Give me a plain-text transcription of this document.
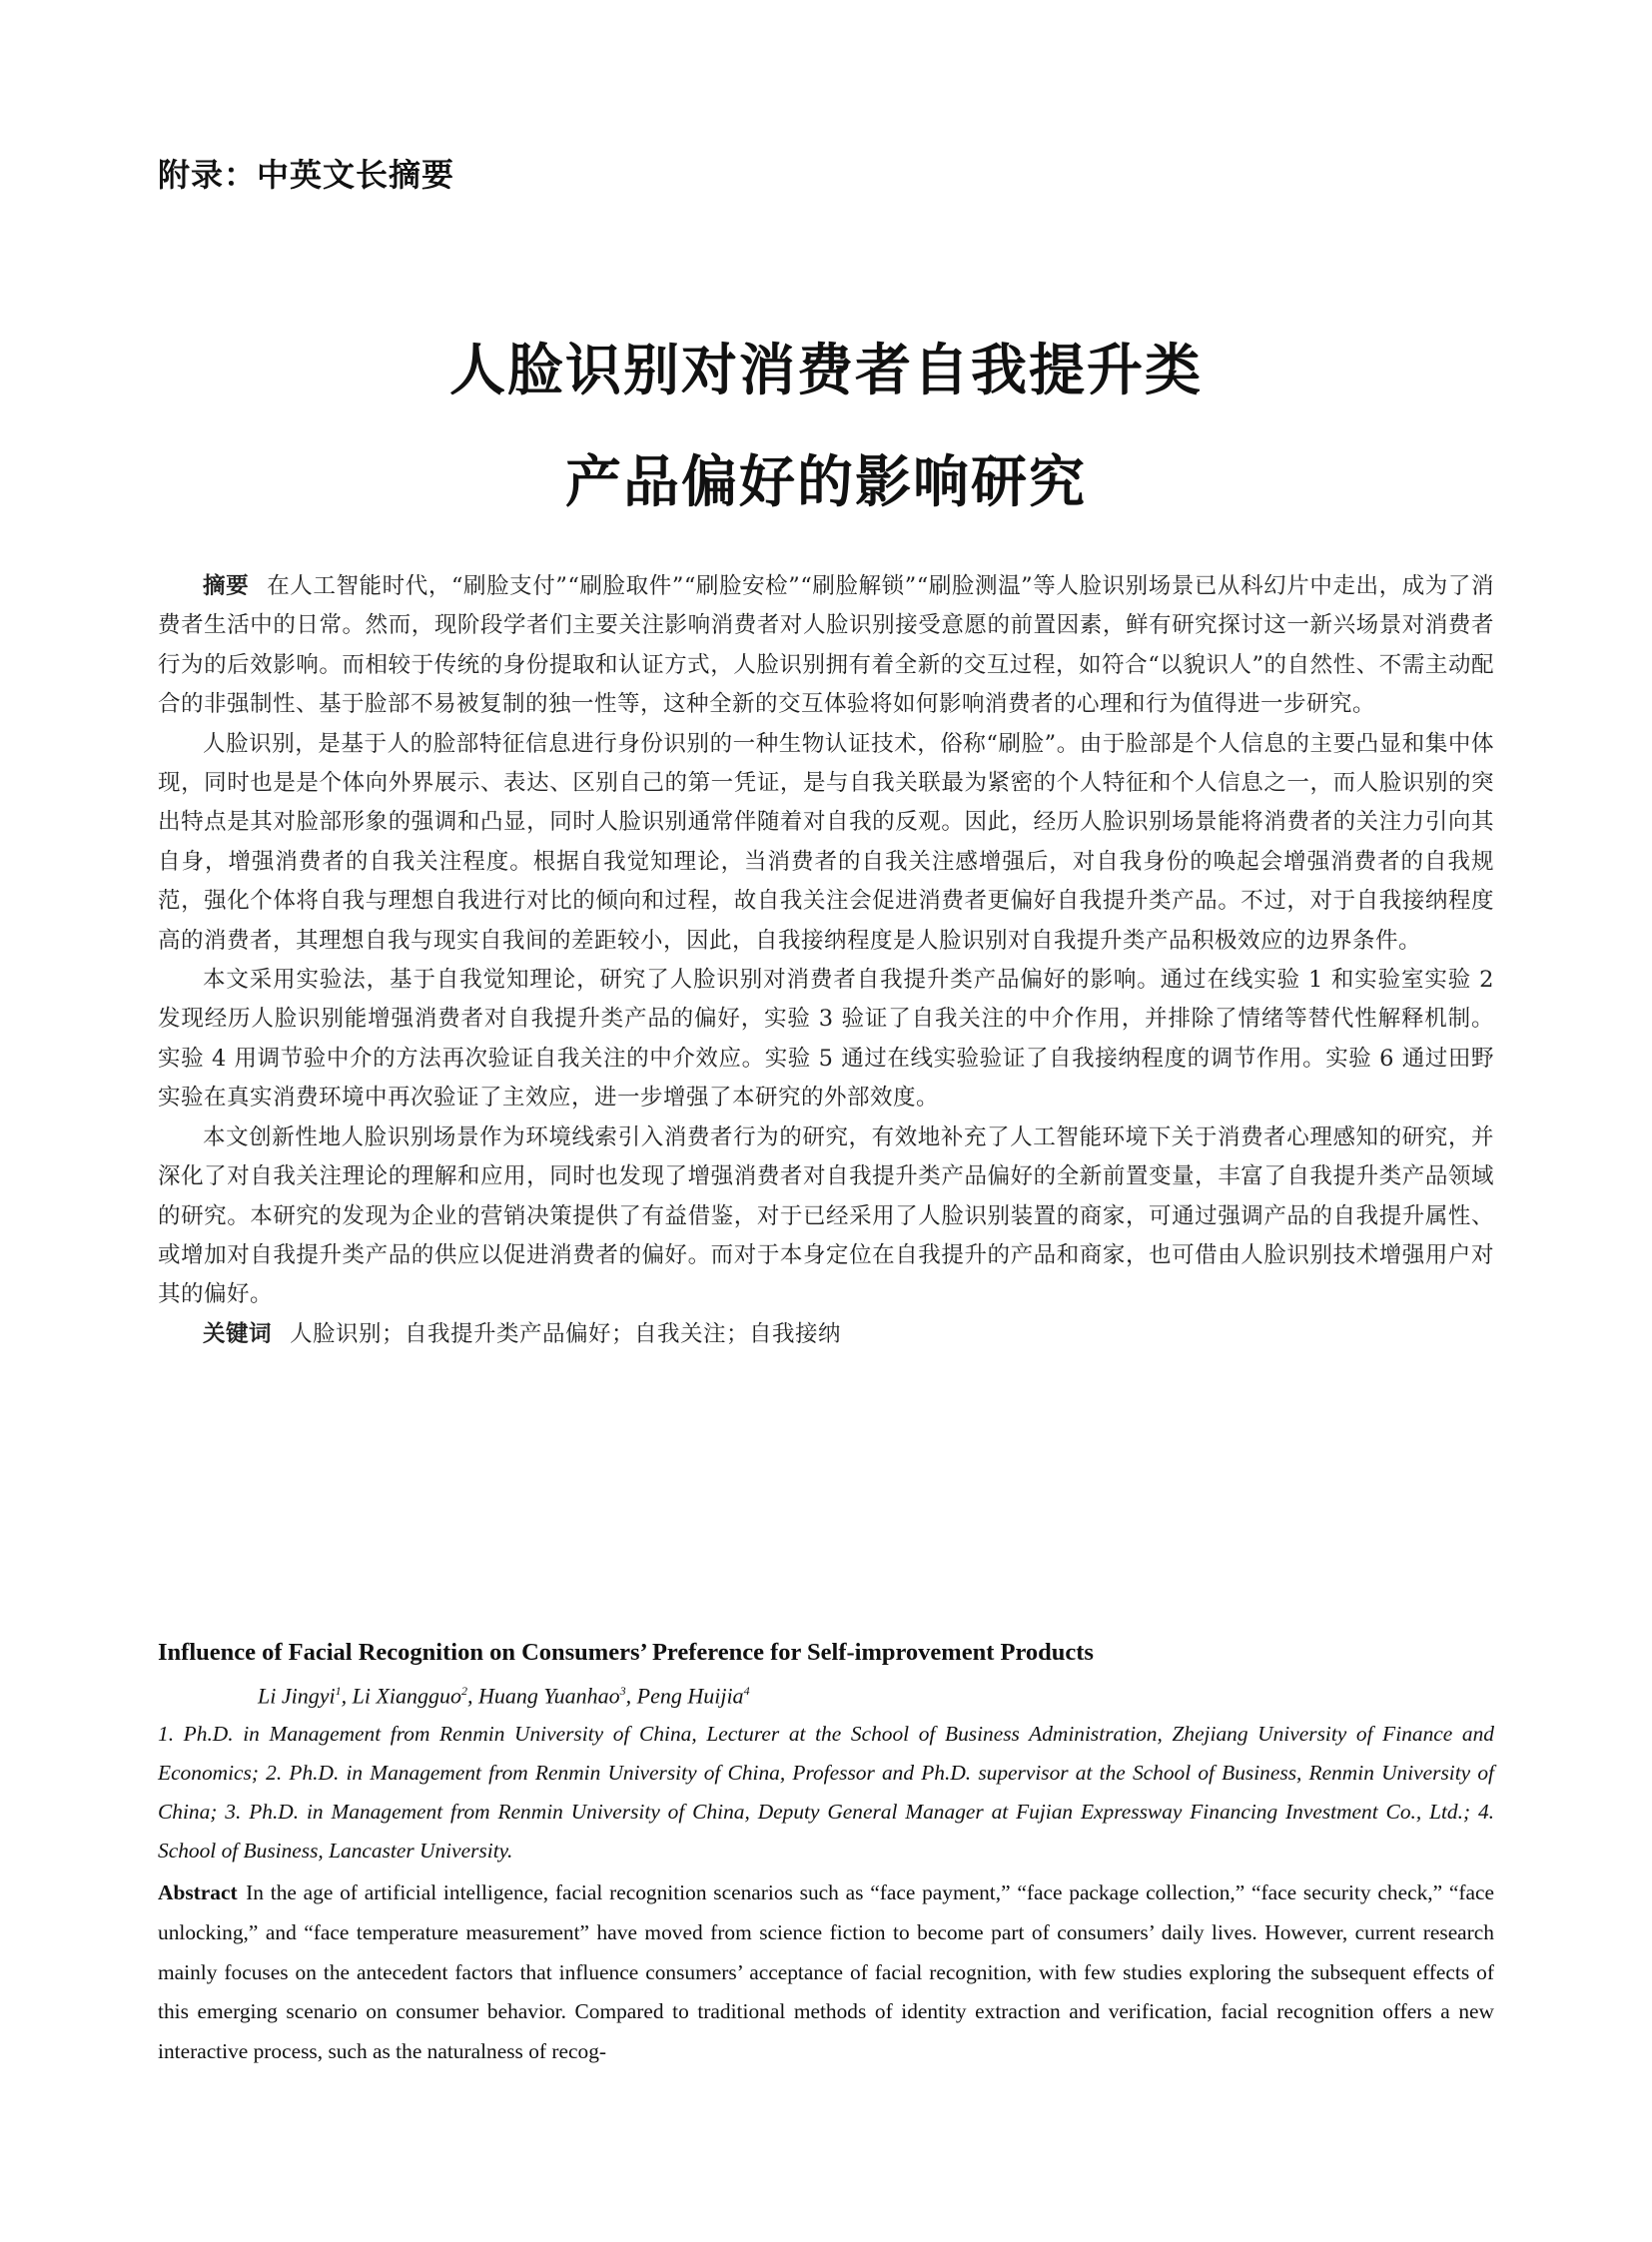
附录：中英文长摘要
人脸识别对消费者自我提升类
产品偏好的影响研究

摘要 在人工智能时代，“刷脸支付”“刷脸取件”“刷脸安检”“刷脸解锁”“刷脸测温”等人脸识别场景已从科幻片中走出，成为了消费者生活中的日常。然而，现阶段学者们主要关注影响消费者对人脸识别接受意愿的前置因素，鲜有研究探讨这一新兴场景对消费者行为的后效影响。而相较于传统的身份提取和认证方式，人脸识别拥有着全新的交互过程，如符合“以貌识人”的自然性、不需主动配合的非强制性、基于脸部不易被复制的独一性等，这种全新的交互体验将如何影响消费者的心理和行为值得进一步研究。

人脸识别，是基于人的脸部特征信息进行身份识别的一种生物认证技术，俗称“刷脸”。由于脸部是个人信息的主要凸显和集中体现，同时也是是个体向外界展示、表达、区别自己的第一凭证，是与自我关联最为紧密的个人特征和个人信息之一，而人脸识别的突出特点是其对脸部形象的强调和凸显，同时人脸识别通常伴随着对自我的反观。因此，经历人脸识别场景能将消费者的关注力引向其自身，增强消费者的自我关注程度。根据自我觉知理论，当消费者的自我关注感增强后，对自我身份的唤起会增强消费者的自我规范，强化个体将自我与理想自我进行对比的倾向和过程，故自我关注会促进消费者更偏好自我提升类产品。不过，对于自我接纳程度高的消费者，其理想自我与现实自我间的差距较小，因此，自我接纳程度是人脸识别对自我提升类产品积极效应的边界条件。

本文采用实验法，基于自我觉知理论，研究了人脸识别对消费者自我提升类产品偏好的影响。通过在线实验 1 和实验室实验 2 发现经历人脸识别能增强消费者对自我提升类产品的偏好，实验 3 验证了自我关注的中介作用，并排除了情绪等替代性解释机制。实验 4 用调节验中介的方法再次验证自我关注的中介效应。实验 5 通过在线实验验证了自我接纳程度的调节作用。实验 6 通过田野实验在真实消费环境中再次验证了主效应，进一步增强了本研究的外部效度。

本文创新性地人脸识别场景作为环境线索引入消费者行为的研究，有效地补充了人工智能环境下关于消费者心理感知的研究，并深化了对自我关注理论的理解和应用，同时也发现了增强消费者对自我提升类产品偏好的全新前置变量，丰富了自我提升类产品领域的研究。本研究的发现为企业的营销决策提供了有益借鉴，对于已经采用了人脸识别装置的商家，可通过强调产品的自我提升属性、或增加对自我提升类产品的供应以促进消费者的偏好。而对于本身定位在自我提升的产品和商家，也可借由人脸识别技术增强用户对其的偏好。

关键词 人脸识别；自我提升类产品偏好；自我关注；自我接纳

Influence of Facial Recognition on Consumers’ Preference for Self-improvement Products
Li Jingyi$^1$, Li Xiangguo$^2$, Huang Yuanhao$^3$, Peng Huijia$^4$
1. Ph.D. in Management from Renmin University of China, Lecturer at the School of Business Administration, Zhejiang University of Finance and Economics; 2. Ph.D. in Management from Renmin University of China, Professor and Ph.D. supervisor at the School of Business, Renmin University of China; 3. Ph.D. in Management from Renmin University of China, Deputy General Manager at Fujian Expressway Financing Investment Co., Ltd.; 4. School of Business, Lancaster University.
Abstract In the age of artificial intelligence, facial recognition scenarios such as “face payment,” “face package collection,” “face security check,” “face unlocking,” and “face temperature measurement” have moved from science fiction to become part of consumers’ daily lives. However, current research mainly focuses on the antecedent factors that influence consumers’ acceptance of facial recognition, with few studies exploring the subsequent effects of this emerging scenario on consumer behavior. Compared to traditional methods of identity extraction and verification, facial recognition offers a new interactive process, such as the naturalness of recog-
